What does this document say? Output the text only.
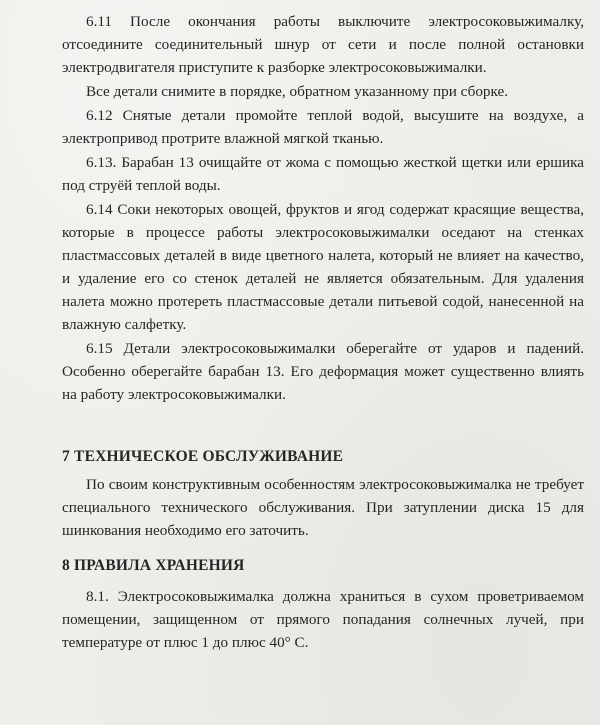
6.11 После окончания работы выключите электросоковыжималку, отсоедините соединительный шнур от сети и после полной остановки электродвигателя приступите к разборке электросоковыжималки.

Все детали снимите в порядке, обратном указанному при сборке.

6.12 Снятые детали промойте теплой водой, высушите на воздухе, а электропривод протрите влажной мягкой тканью.

6.13. Барабан 13 очищайте от жома с помощью жесткой щетки или ершика под струёй теплой воды.

6.14 Соки некоторых овощей, фруктов и ягод содержат красящие вещества, которые в процессе работы электросоковыжималки оседают на стенках пластмассовых деталей в виде цветного налета, который не влияет на качество, и удаление его со стенок деталей не является обязательным. Для удаления налета можно протереть пластмассовые детали питьевой содой, нанесенной на влажную салфетку.

6.15 Детали электросоковыжималки оберегайте от ударов и падений. Особенно оберегайте барабан 13. Его деформация может существенно влиять на работу электросоковыжималки.

7 ТЕХНИЧЕСКОЕ ОБСЛУЖИВАНИЕ

По своим конструктивным особенностям электросоковыжималка не требует специального технического обслуживания. При затуплении диска 15 для шинкования необходимо его заточить.

8 ПРАВИЛА ХРАНЕНИЯ

8.1. Электросоковыжималка должна храниться в сухом проветриваемом помещении, защищенном от прямого попадания солнечных лучей, при температуре от плюс 1 до плюс 40° С.
